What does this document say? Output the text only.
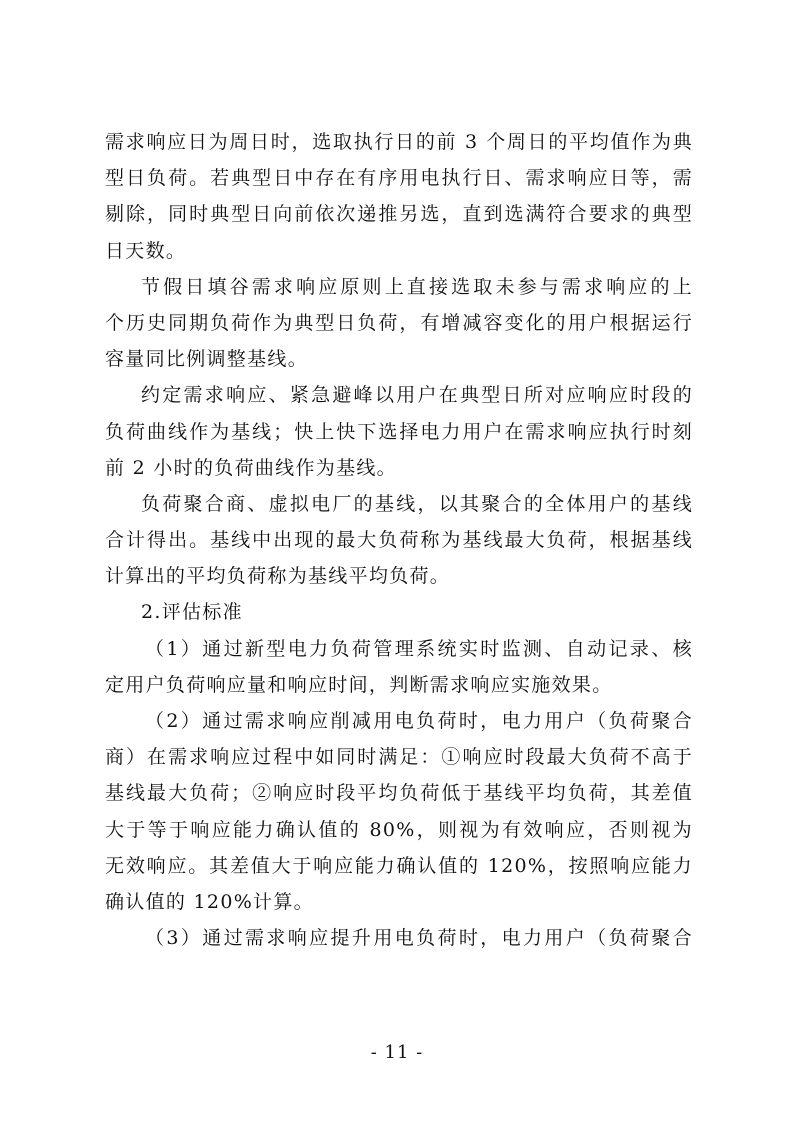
需求响应日为周日时，选取执行日的前 3 个周日的平均值作为典
型日负荷。若典型日中存在有序用电执行日、需求响应日等，需
剔除，同时典型日向前依次递推另选，直到选满符合要求的典型
日天数。
节假日填谷需求响应原则上直接选取未参与需求响应的上
个历史同期负荷作为典型日负荷，有增减容变化的用户根据运行
容量同比例调整基线。
约定需求响应、紧急避峰以用户在典型日所对应响应时段的
负荷曲线作为基线；快上快下选择电力用户在需求响应执行时刻
前 2 小时的负荷曲线作为基线。
负荷聚合商、虚拟电厂的基线，以其聚合的全体用户的基线
合计得出。基线中出现的最大负荷称为基线最大负荷，根据基线
计算出的平均负荷称为基线平均负荷。
2.评估标准
（1）通过新型电力负荷管理系统实时监测、自动记录、核
定用户负荷响应量和响应时间，判断需求响应实施效果。
（2）通过需求响应削减用电负荷时，电力用户（负荷聚合
商）在需求响应过程中如同时满足：①响应时段最大负荷不高于
基线最大负荷；②响应时段平均负荷低于基线平均负荷，其差值
大于等于响应能力确认值的 80%，则视为有效响应，否则视为
无效响应。其差值大于响应能力确认值的 120%，按照响应能力
确认值的 120%计算。
（3）通过需求响应提升用电负荷时，电力用户（负荷聚合
- 11 -
